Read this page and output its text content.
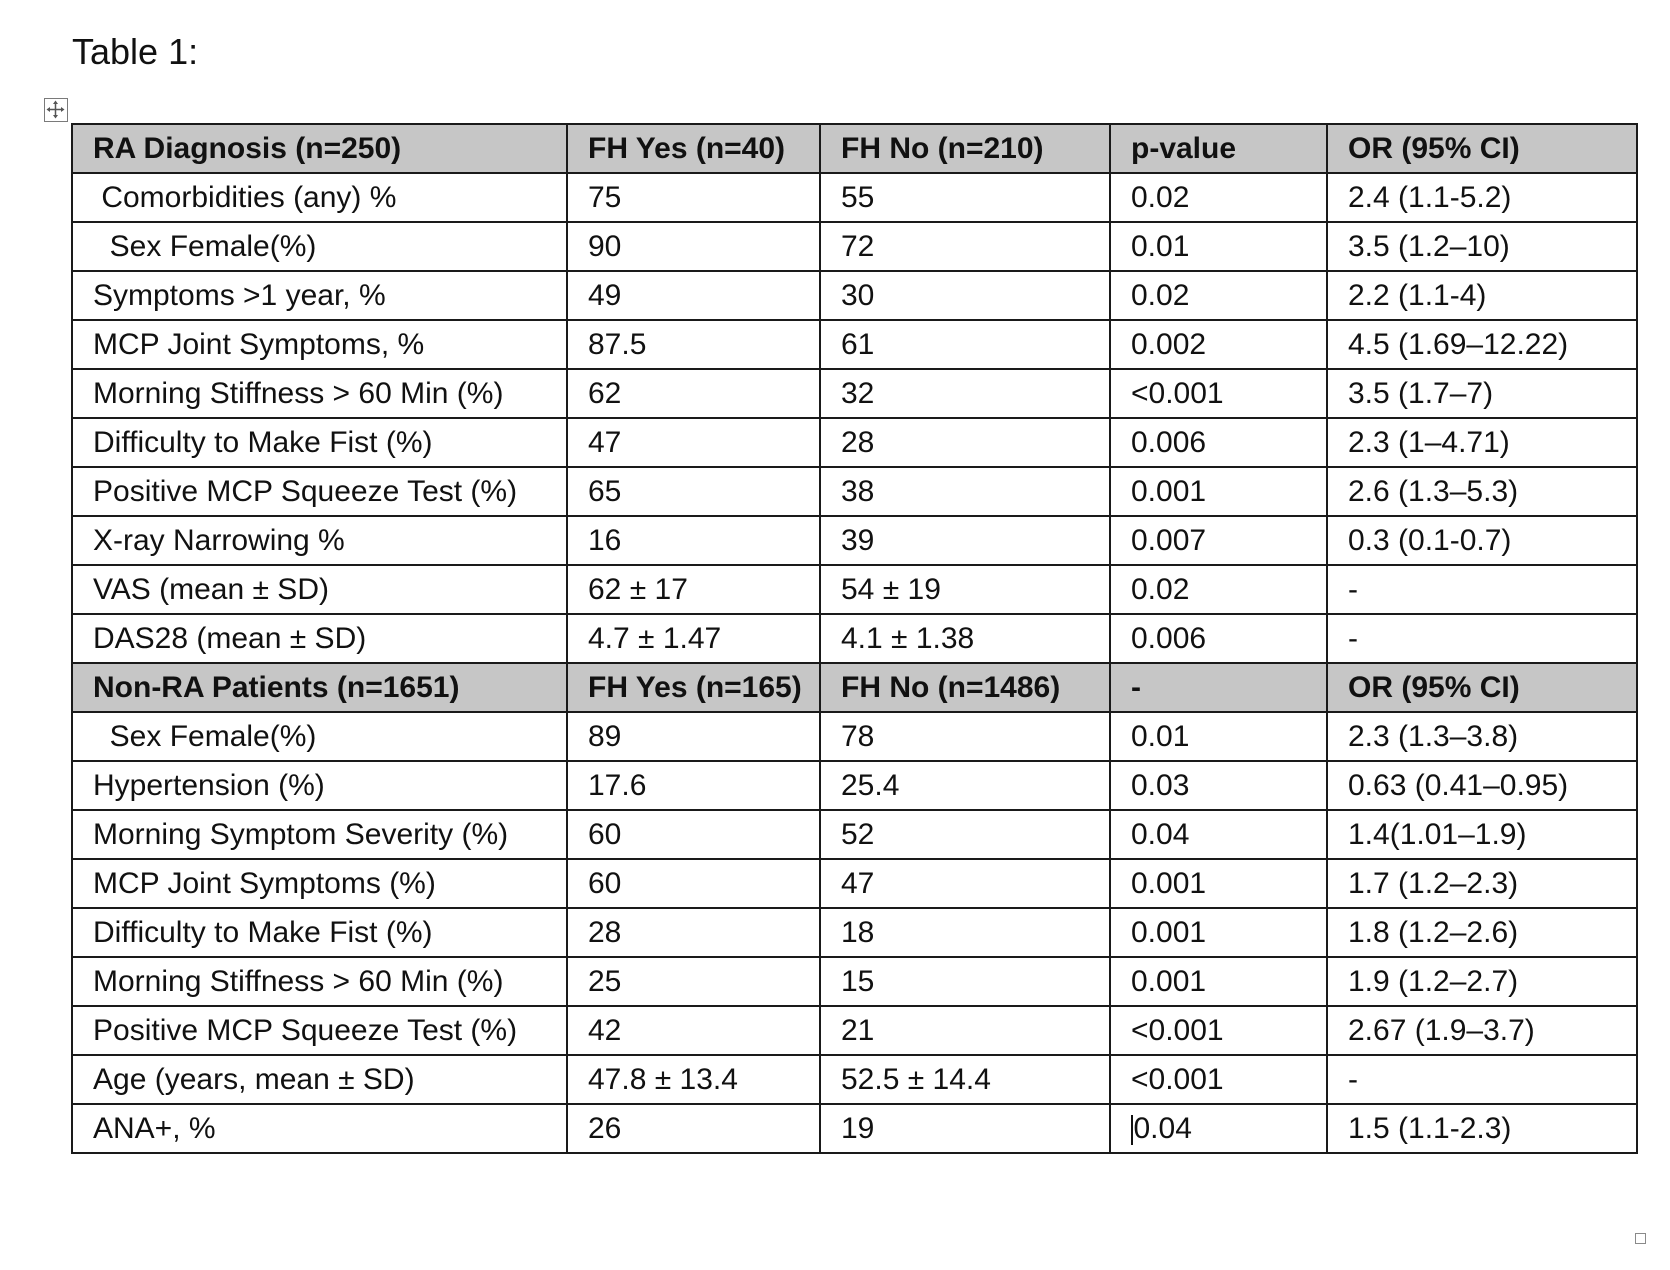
Table 1:
RA Diagnosis (n=250)	FH Yes (n=40)	FH No (n=210)	p-value	OR (95% CI)
Comorbidities (any) %	75	55	0.02	2.4 (1.1-5.2)
Sex Female(%)	90	72	0.01	3.5 (1.2–10)
Symptoms >1 year, %	49	30	0.02	2.2 (1.1-4)
MCP Joint Symptoms, %	87.5	61	0.002	4.5 (1.69–12.22)
Morning Stiffness > 60 Min (%)	62	32	<0.001	3.5 (1.7–7)
Difficulty to Make Fist (%)	47	28	0.006	2.3 (1–4.71)
Positive MCP Squeeze Test (%)	65	38	0.001	2.6 (1.3–5.3)
X-ray Narrowing %	16	39	0.007	0.3 (0.1-0.7)
VAS (mean ± SD)	62 ± 17	54 ± 19	0.02	-
DAS28 (mean ± SD)	4.7 ± 1.47	4.1 ± 1.38	0.006	-
Non-RA Patients (n=1651)	FH Yes (n=165)	FH No (n=1486)	-	OR (95% CI)
Sex Female(%)	89	78	0.01	2.3 (1.3–3.8)
Hypertension (%)	17.6	25.4	0.03	0.63 (0.41–0.95)
Morning Symptom Severity (%)	60	52	0.04	1.4(1.01–1.9)
MCP Joint Symptoms (%)	60	47	0.001	1.7 (1.2–2.3)
Difficulty to Make Fist (%)	28	18	0.001	1.8 (1.2–2.6)
Morning Stiffness > 60 Min (%)	25	15	0.001	1.9 (1.2–2.7)
Positive MCP Squeeze Test (%)	42	21	<0.001	2.67 (1.9–3.7)
Age (years, mean ± SD)	47.8 ± 13.4	52.5 ± 14.4	<0.001	-
ANA+, %	26	19	0.04	1.5 (1.1-2.3)
